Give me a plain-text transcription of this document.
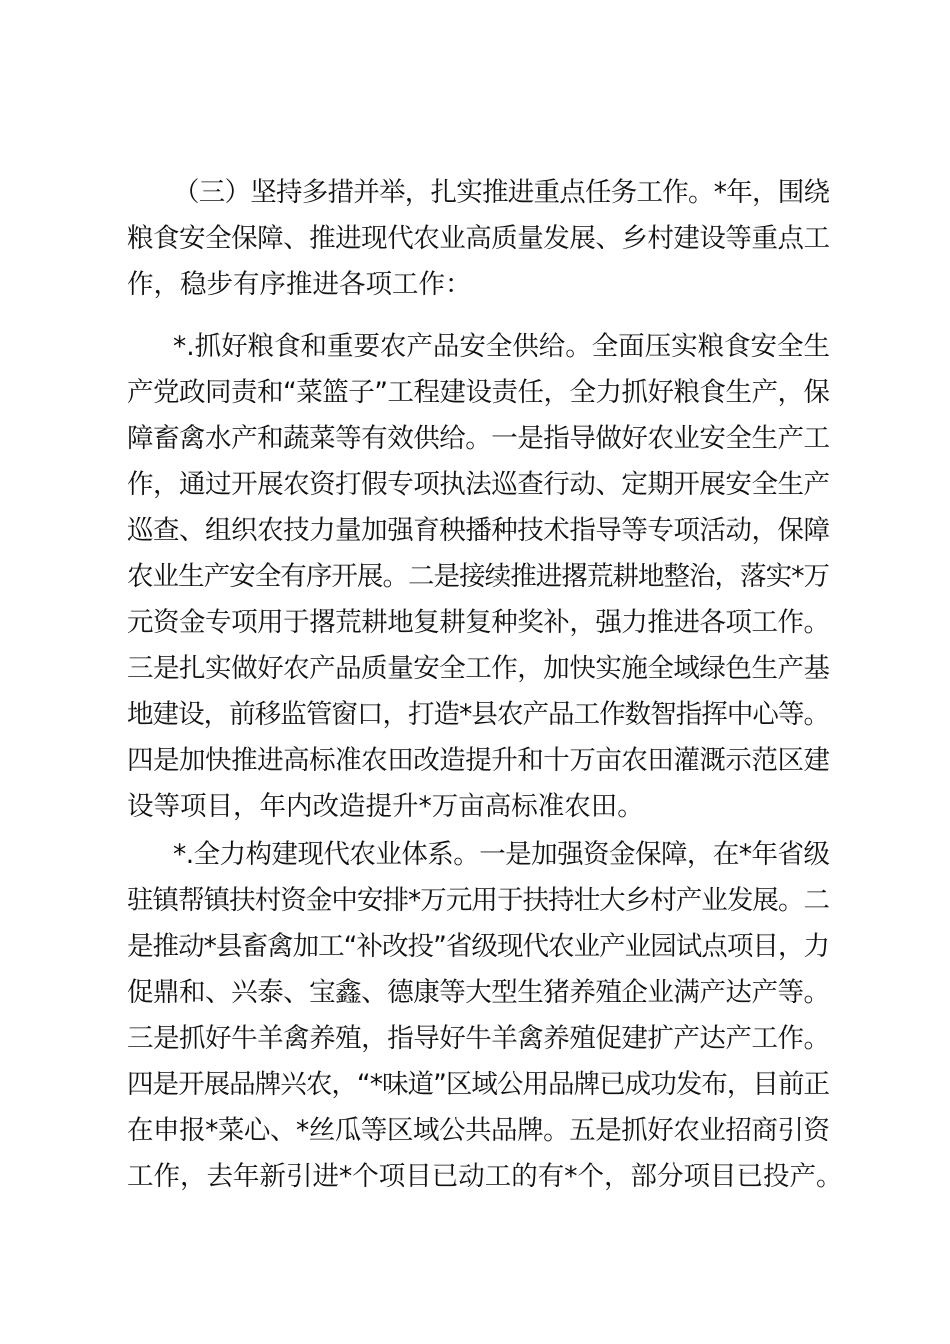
（三）坚持多措并举，扎实推进重点任务工作。*年，围绕
粮食安全保障、推进现代农业高质量发展、乡村建设等重点工
作，稳步有序推进各项工作：
*.抓好粮食和重要农产品安全供给。全面压实粮食安全生
产党政同责和“菜篮子”工程建设责任，全力抓好粮食生产，保
障畜禽水产和蔬菜等有效供给。一是指导做好农业安全生产工
作，通过开展农资打假专项执法巡查行动、定期开展安全生产
巡查、组织农技力量加强育秧播种技术指导等专项活动，保障
农业生产安全有序开展。二是接续推进撂荒耕地整治，落实*万
元资金专项用于撂荒耕地复耕复种奖补，强力推进各项工作。
三是扎实做好农产品质量安全工作，加快实施全域绿色生产基
地建设，前移监管窗口，打造*县农产品工作数智指挥中心等。
四是加快推进高标准农田改造提升和十万亩农田灌溉示范区建
设等项目，年内改造提升*万亩高标准农田。
*.全力构建现代农业体系。一是加强资金保障，在*年省级
驻镇帮镇扶村资金中安排*万元用于扶持壮大乡村产业发展。二
是推动*县畜禽加工“补改投”省级现代农业产业园试点项目，力
促鼎和、兴泰、宝鑫、德康等大型生猪养殖企业满产达产等。
三是抓好牛羊禽养殖，指导好牛羊禽养殖促建扩产达产工作。
四是开展品牌兴农，“*味道”区域公用品牌已成功发布，目前正
在申报*菜心、*丝瓜等区域公共品牌。五是抓好农业招商引资
工作，去年新引进*个项目已动工的有*个，部分项目已投产。
